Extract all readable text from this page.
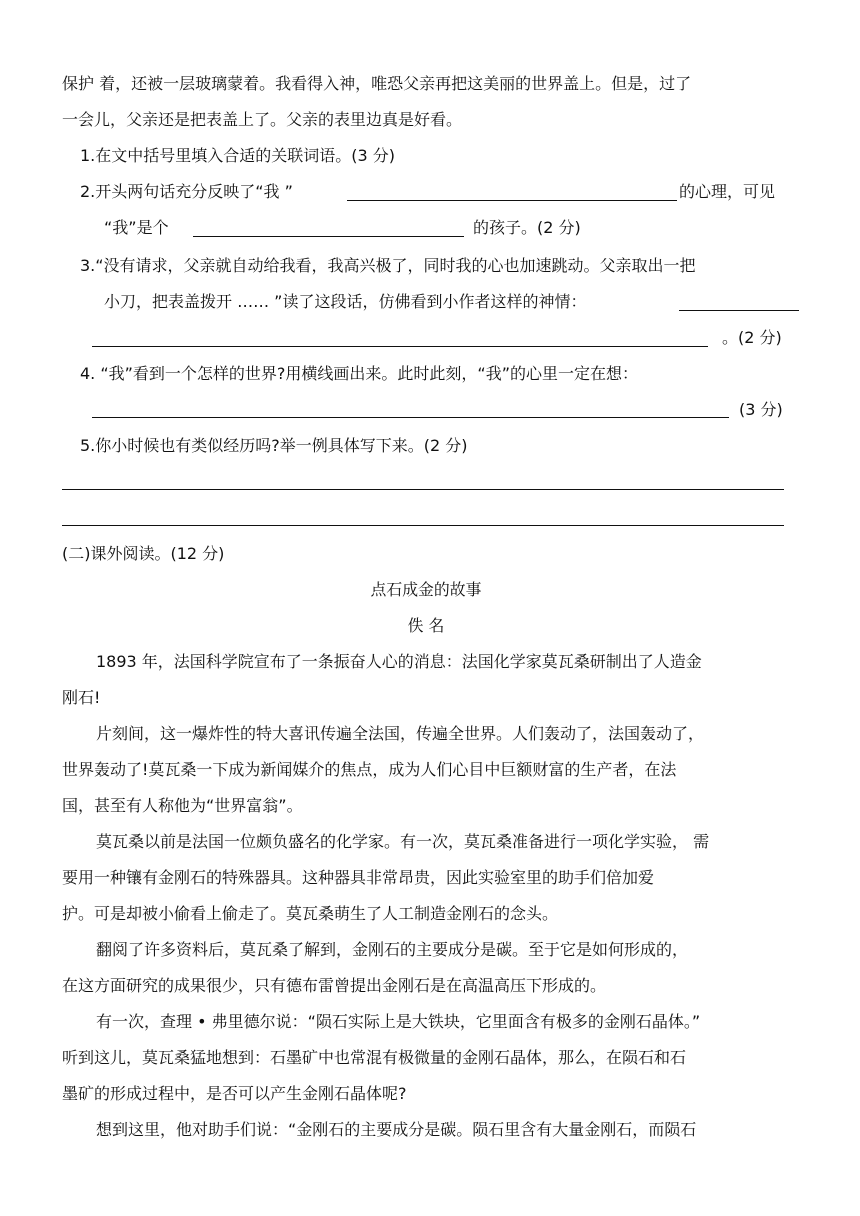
保护 着，还被一层玻璃蒙着。我看得入神，唯恐父亲再把这美丽的世界盖上。但是，过了
一会儿，父亲还是把表盖上了。父亲的表里边真是好看。
1.在文中括号里填入合适的关联词语。(3 分)
2.开头两句话充分反映了“我 ”	的心理，可见
“我”是个	的孩子。(2 分)
3.“没有请求，父亲就自动给我看，我高兴极了，同时我的心也加速跳动。父亲取出一把
小刀，把表盖拨开 …… ”读了这段话，仿佛看到小作者这样的神情：
。(2 分)
4. “我”看到一个怎样的世界?用横线画出来。此时此刻，“我”的心里一定在想：
(3 分)
5.你小时候也有类似经历吗?举一例具体写下来。(2 分)
(二)课外阅读。(12 分)
点石成金的故事
佚 名
1893 年，法国科学院宣布了一条振奋人心的消息：法国化学家莫瓦桑研制出了人造金
刚石!
片刻间，这一爆炸性的特大喜讯传遍全法国，传遍全世界。人们轰动了，法国轰动了，
世界轰动了!莫瓦桑一下成为新闻媒介的焦点，成为人们心目中巨额财富的生产者，在法
国，甚至有人称他为“世界富翁”。
莫瓦桑以前是法国一位颇负盛名的化学家。有一次，莫瓦桑准备进行一项化学实验， 需
要用一种镶有金刚石的特殊器具。这种器具非常昂贵，因此实验室里的助手们倍加爱
护。可是却被小偷看上偷走了。莫瓦桑萌生了人工制造金刚石的念头。
翻阅了许多资料后，莫瓦桑了解到，金刚石的主要成分是碳。至于它是如何形成的，
在这方面研究的成果很少，只有德布雷曾提出金刚石是在高温高压下形成的。
有一次，查理 • 弗里德尔说：“陨石实际上是大铁块，它里面含有极多的金刚石晶体。”
听到这儿，莫瓦桑猛地想到：石墨矿中也常混有极微量的金刚石晶体，那么，在陨石和石
墨矿的形成过程中，是否可以产生金刚石晶体呢?
想到这里，他对助手们说：“金刚石的主要成分是碳。陨石里含有大量金刚石，而陨石
